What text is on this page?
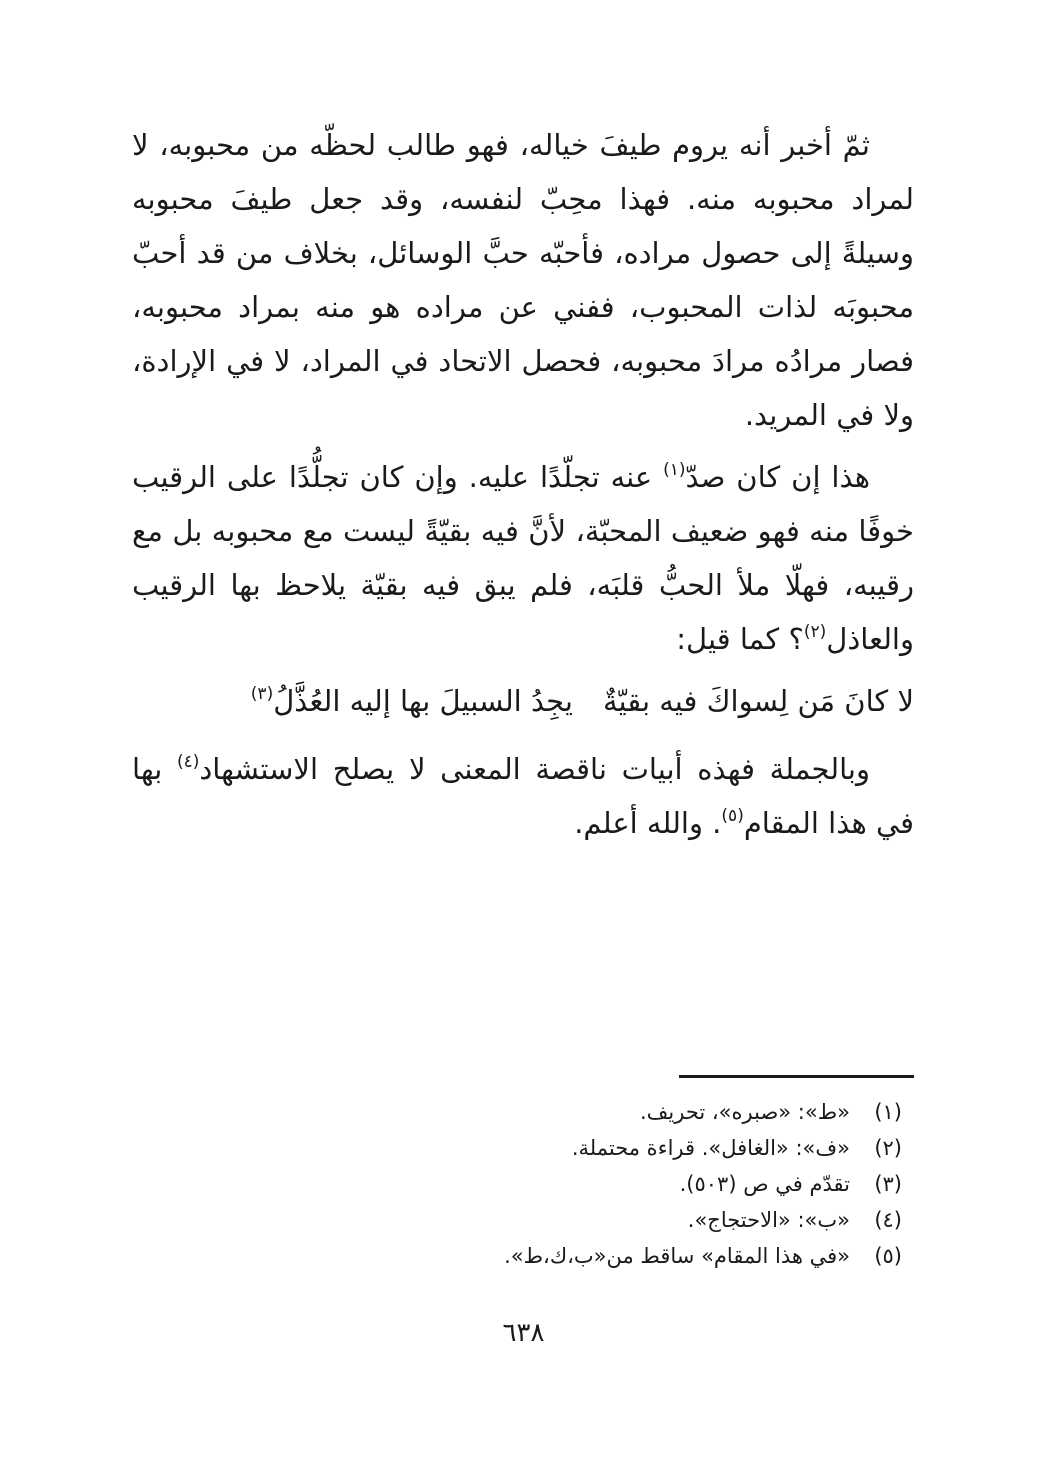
ثمّ أخبر أنه يروم طيفَ خياله، فهو طالب لحظّه من محبوبه، لا لمراد محبوبه منه. فهذا محِبّ لنفسه، وقد جعل طيفَ محبوبه وسيلةً إلى حصول مراده، فأحبّه حبَّ الوسائل، بخلاف من قد أحبّ محبوبَه لذات المحبوب، ففني عن مراده هو منه بمراد محبوبه، فصار مرادُه مرادَ محبوبه، فحصل الاتحاد في المراد، لا في الإرادة، ولا في المريد.

هذا إن كان صدّ$^{(١)}$ عنه تجلّدًا عليه. وإن كان تجلُّدًا على الرقيب خوفًا منه فهو ضعيف المحبّة، لأنَّ فيه بقيّةً ليست مع محبوبه بل مع رقيبه، فهلّا ملأ الحبُّ قلبَه، فلم يبق فيه بقيّة يلاحظ بها الرقيب والعاذل$^{(٢)}$؟ كما قيل:

لا كانَ مَن لِسواكَ فيه بقيّةٌ
يجِدُ السبيلَ بها إليه العُذَّلُ$^{(٣)}$

وبالجملة فهذه أبيات ناقصة المعنى لا يصلح الاستشهاد$^{(٤)}$ بها في هذا المقام$^{(٥)}$. والله أعلم.

(١)
«ط»: «صبره»، تحريف.
(٢)
«ف»: «الغافل». قراءة محتملة.
(٣)
تقدّم في ص (٥٠٣).
(٤)
«ب»: «الاحتجاج».
(٥)
«في هذا المقام» ساقط من«ب،ك،ط».
٦٣٨
